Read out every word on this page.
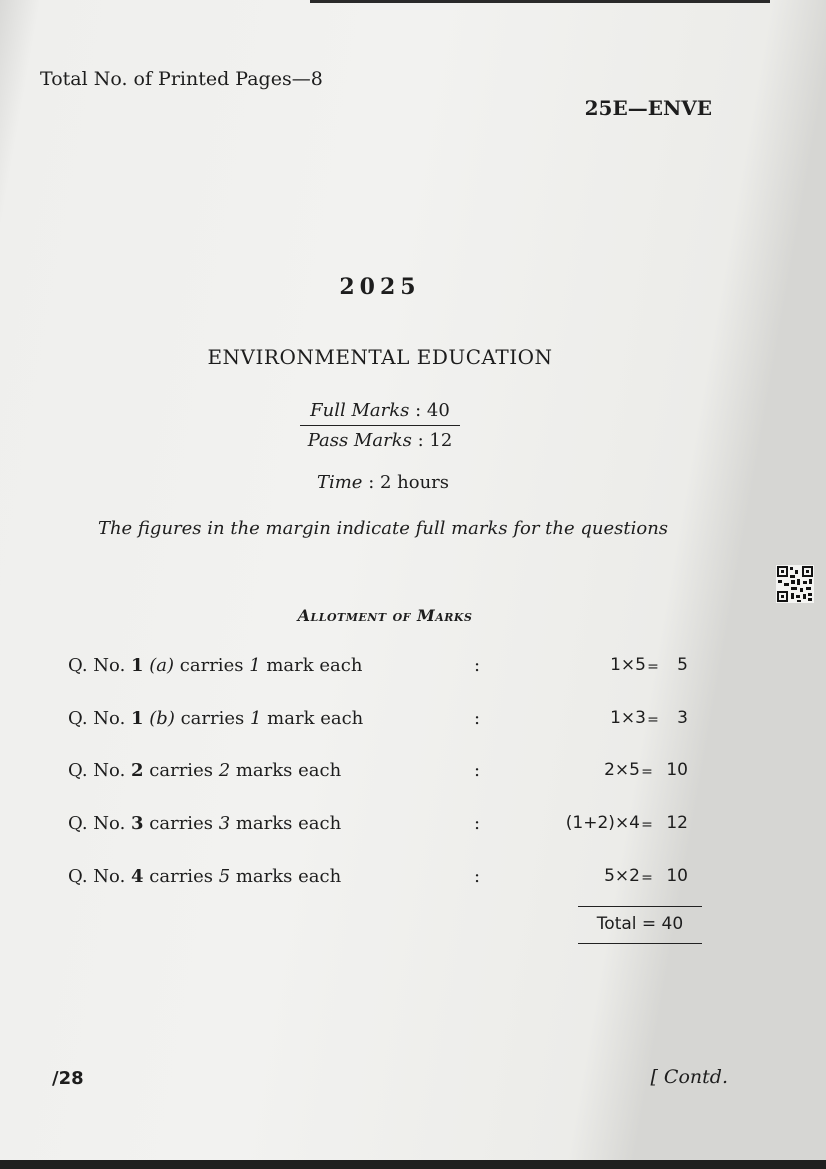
Total No. of Printed Pages—8
25E—ENVE
2025
ENVIRONMENTAL EDUCATION
Full Marks : 40
Pass Marks : 12
Time : 2 hours
The figures in the margin indicate full marks for the questions
Allotment of Marks
Q. No. 1 (a) carries 1 mark each	:	1×5 =	5
Q. No. 1 (b) carries 1 mark each	:	1×3 =	3
Q. No. 2 carries 2 marks each	:	2×5 = 10
Q. No. 3 carries 3 marks each	:	(1+2)×4 = 12
Q. No. 4 carries 5 marks each	:	5×2 = 10
Total = 40
/28	[ Contd.
